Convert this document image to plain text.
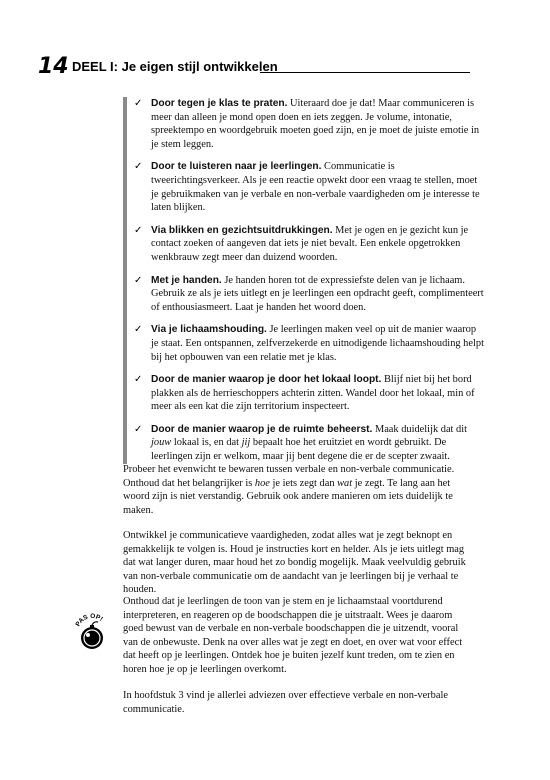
14 DEEL I: Je eigen stijl ontwikkelen
✓ Door tegen je klas te praten. Uiteraard doe je dat! Maar communiceren is meer dan alleen je mond open doen en iets zeggen. Je volume, intonatie, spreektempo en woordgebruik moeten goed zijn, en je moet de juiste emotie in je stem leggen.
✓ Door te luisteren naar je leerlingen. Communicatie is tweerichtingsverkeer. Als je een reactie opwekt door een vraag te stellen, moet je gebruikmaken van je verbale en non-verbale vaardigheden om je interesse te laten blijken.
✓ Via blikken en gezichtsuitdrukkingen. Met je ogen en je gezicht kun je contact zoeken of aangeven dat iets je niet bevalt. Een enkele opgetrokken wenkbrauw zegt meer dan duizend woorden.
✓ Met je handen. Je handen horen tot de expressiefste delen van je lichaam. Gebruik ze als je iets uitlegt en je leerlingen een opdracht geeft, complimenteert of enthousiasmeert. Laat je handen het woord doen.
✓ Via je lichaamshouding. Je leerlingen maken veel op uit de manier waarop je staat. Een ontspannen, zelfverzekerde en uitnodigende lichaamshouding helpt bij het opbouwen van een relatie met je klas.
✓ Door de manier waarop je door het lokaal loopt. Blijf niet bij het bord plakken als de herrieschoppers achterin zitten. Wandel door het lokaal, min of meer als een kat die zijn territorium inspecteert.
✓ Door de manier waarop je de ruimte beheerst. Maak duidelijk dat dit jouw lokaal is, en dat jij bepaalt hoe het eruitziet en wordt gebruikt. De leerlingen zijn er welkom, maar jij bent degene die er de scepter zwaait.

Probeer het evenwicht te bewaren tussen verbale en non-verbale communicatie. Onthoud dat het belangrijker is hoe je iets zegt dan wat je zegt. Te lang aan het woord zijn is niet verstandig. Gebruik ook andere manieren om iets duidelijk te maken.

Ontwikkel je communicatieve vaardigheden, zodat alles wat je zegt beknopt en gemakkelijk te volgen is. Houd je instructies kort en helder. Als je iets uitlegt mag dat wat langer duren, maar houd het zo bondig mogelijk. Maak veelvuldig gebruik van non-verbale communicatie om de aandacht van je leerlingen bij je verhaal te houden.

PAS OP!

Onthoud dat je leerlingen de toon van je stem en je lichaamstaal voortdurend interpreteren, en reageren op de boodschappen die je uitstraalt. Wees je daarom goed bewust van de verbale en non-verbale boodschappen die je uitzendt, vooral van de onbewuste. Denk na over alles wat je zegt en doet, en over wat voor effect dat heeft op je leerlingen. Ontdek hoe je buiten jezelf kunt treden, om te zien en horen hoe je op je leerlingen overkomt.

In hoofdstuk 3 vind je allerlei adviezen over effectieve verbale en non-verbale communicatie.
